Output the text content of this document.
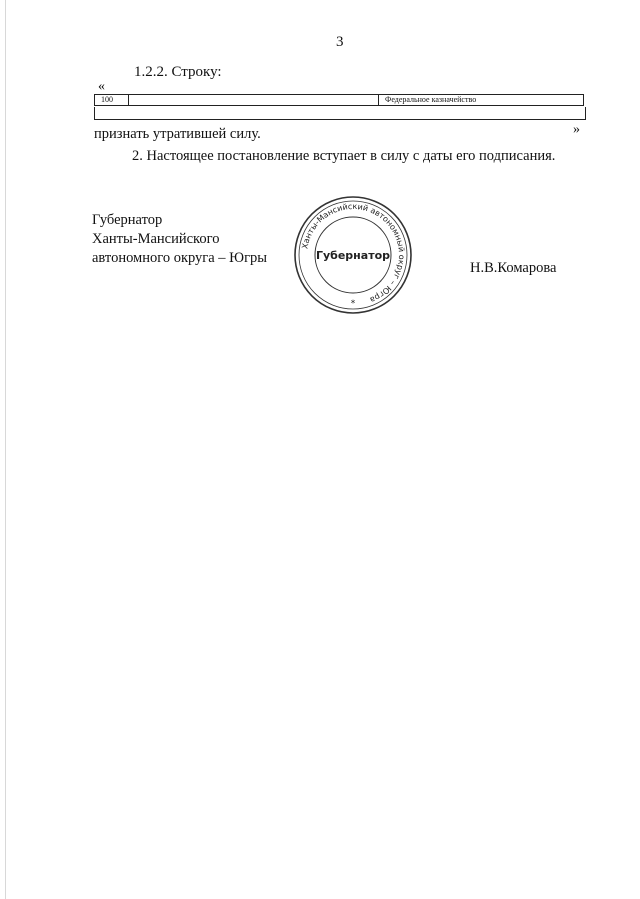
3
1.2.2. Строку:
«
100	Федеральное казначейство
»
признать утратившей силу.
2. Настоящее постановление вступает в силу с даты его подписания.
Губернатор
Ханты-Мансийского
автономного округа – Югры
Ханты-Мансийский автономный округ – Югра
Губернатор
*
Н.В.Комарова
